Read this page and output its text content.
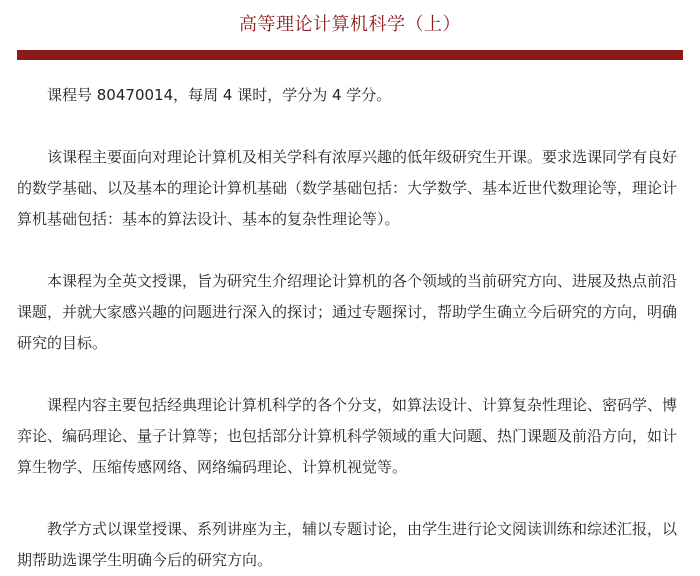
高等理论计算机科学（上）

课程号 80470014，每周 4 课时，学分为 4 学分。

该课程主要面向对理论计算机及相关学科有浓厚兴趣的低年级研究生开课。要求选课同学有良好的数学基础、以及基本的理论计算机基础（数学基础包括：大学数学、基本近世代数理论等，理论计算机基础包括：基本的算法设计、基本的复杂性理论等）。

本课程为全英文授课，旨为研究生介绍理论计算机的各个领域的当前研究方向、进展及热点前沿课题，并就大家感兴趣的问题进行深入的探讨；通过专题探讨，帮助学生确立今后研究的方向，明确研究的目标。

课程内容主要包括经典理论计算机科学的各个分支，如算法设计、计算复杂性理论、密码学、博弈论、编码理论、量子计算等；也包括部分计算机科学领域的重大问题、热门课题及前沿方向，如计算生物学、压缩传感网络、网络编码理论、计算机视觉等。

教学方式以课堂授课、系列讲座为主，辅以专题讨论，由学生进行论文阅读训练和综述汇报，以期帮助选课学生明确今后的研究方向。
